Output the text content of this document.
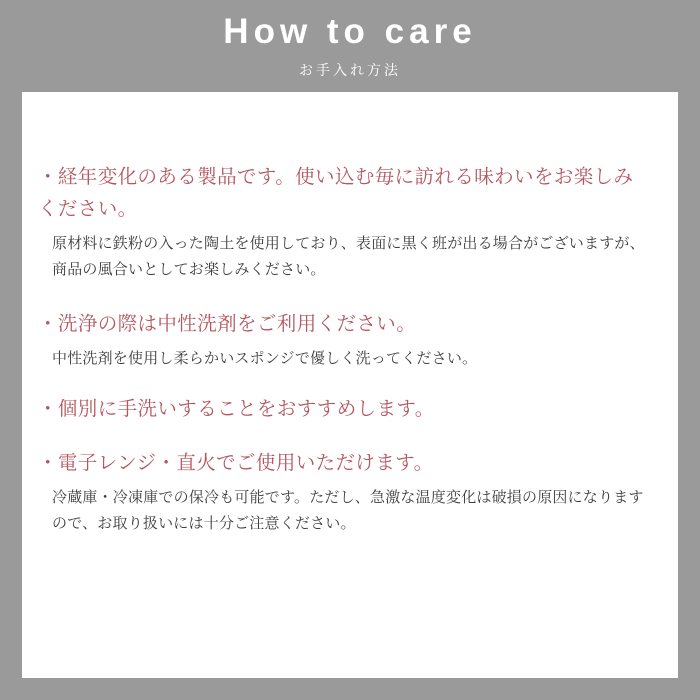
How to care
お手入れ方法

・経年変化のある製品です。使い込む毎に訪れる味わいをお楽しみください。

原材料に鉄粉の入った陶土を使用しており、表面に黒く班が出る場合がございますが、商品の風合いとしてお楽しみください。

・洗浄の際は中性洗剤をご利用ください。

中性洗剤を使用し柔らかいスポンジで優しく洗ってください。

・個別に手洗いすることをおすすめします。

・電子レンジ・直火でご使用いただけます。

冷蔵庫・冷凍庫での保冷も可能です。ただし、急激な温度変化は破損の原因になりますので、お取り扱いには十分ご注意ください。
